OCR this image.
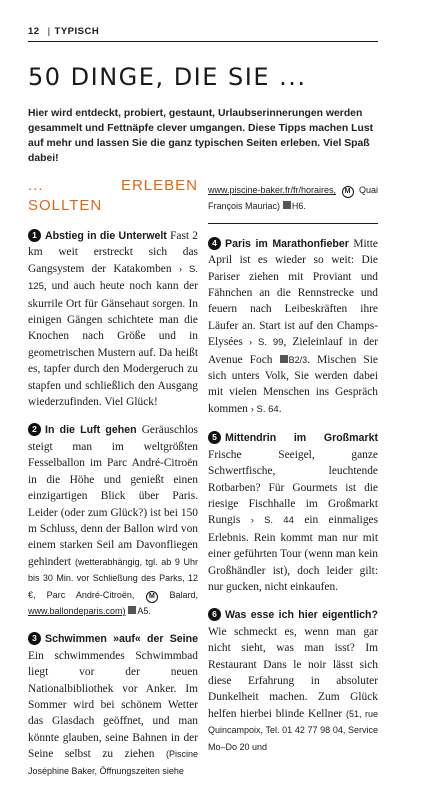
12 | TYPISCH
50 DINGE, DIE SIE ...

Hier wird entdeckt, probiert, gestaunt, Urlaubserinnerungen werden gesammelt und Fettnäpfe clever umgangen. Diese Tipps machen Lust auf mehr und lassen Sie die ganz typischen Seiten erleben. Viel Spaß dabei!

... ERLEBEN SOLLTEN

1 Abstieg in die Unterwelt Fast 2 km weit erstreckt sich das Gangsystem der Katakomben › S. 125, und auch heute noch kann der skurrile Ort für Gänsehaut sorgen. In einigen Gängen schichtete man die Knochen nach Größe und in geometrischen Mustern auf. Da heißt es, tapfer durch den Modergeruch zu stapfen und schließlich den Ausgang wiederzufinden. Viel Glück!

2 In die Luft gehen Geräuschlos steigt man im weltgrößten Fesselballon im Parc André-Citroën in die Höhe und genießt einen einzigartigen Blick über Paris. Leider (oder zum Glück?) ist bei 150 m Schluss, denn der Ballon wird von einem starken Seil am Davonfliegen gehindert (wetterabhängig, tgl. ab 9 Uhr bis 30 Min. vor Schließung des Parks, 12 €, Parc André-Citroën, M Balard, www.ballondeparis.com) A5.

3 Schwimmen »auf« der Seine Ein schwimmendes Schwimmbad liegt vor der neuen Nationalbibliothek vor Anker. Im Sommer wird bei schönem Wetter das Glasdach geöffnet, und man könnte glauben, seine Bahnen in der Seine selbst zu ziehen (Piscine Joséphine Baker, Öffnungszeiten siehe

www.piscine-baker.fr/fr/horaires, M Quai François Mauriac) H6.

4 Paris im Marathonfieber Mitte April ist es wieder so weit: Die Pariser ziehen mit Proviant und Fähnchen an die Rennstrecke und feuern nach Leibeskräften ihre Läufer an. Start ist auf den Champs-Elysées › S. 99, Zieleinlauf in der Avenue Foch B2/3. Mischen Sie sich unters Volk, Sie werden dabei mit vielen Menschen ins Gespräch kommen › S. 64.

5 Mittendrin im Großmarkt Frische Seeigel, ganze Schwertfische, leuchtende Rotbarben? Für Gourmets ist die riesige Fischhalle im Großmarkt Rungis › S. 44 ein einmaliges Erlebnis. Rein kommt man nur mit einer geführten Tour (wenn man kein Großhändler ist), doch leider gilt: nur gucken, nicht einkaufen.

6 Was esse ich hier eigentlich? Wie schmeckt es, wenn man gar nicht sieht, was man isst? Im Restaurant Dans le noir lässt sich diese Erfahrung in absoluter Dunkelheit machen. Zum Glück helfen hierbei blinde Kellner (51, rue Quincampoix, Tel. 01 42 77 98 04, Service Mo–Do 20 und
